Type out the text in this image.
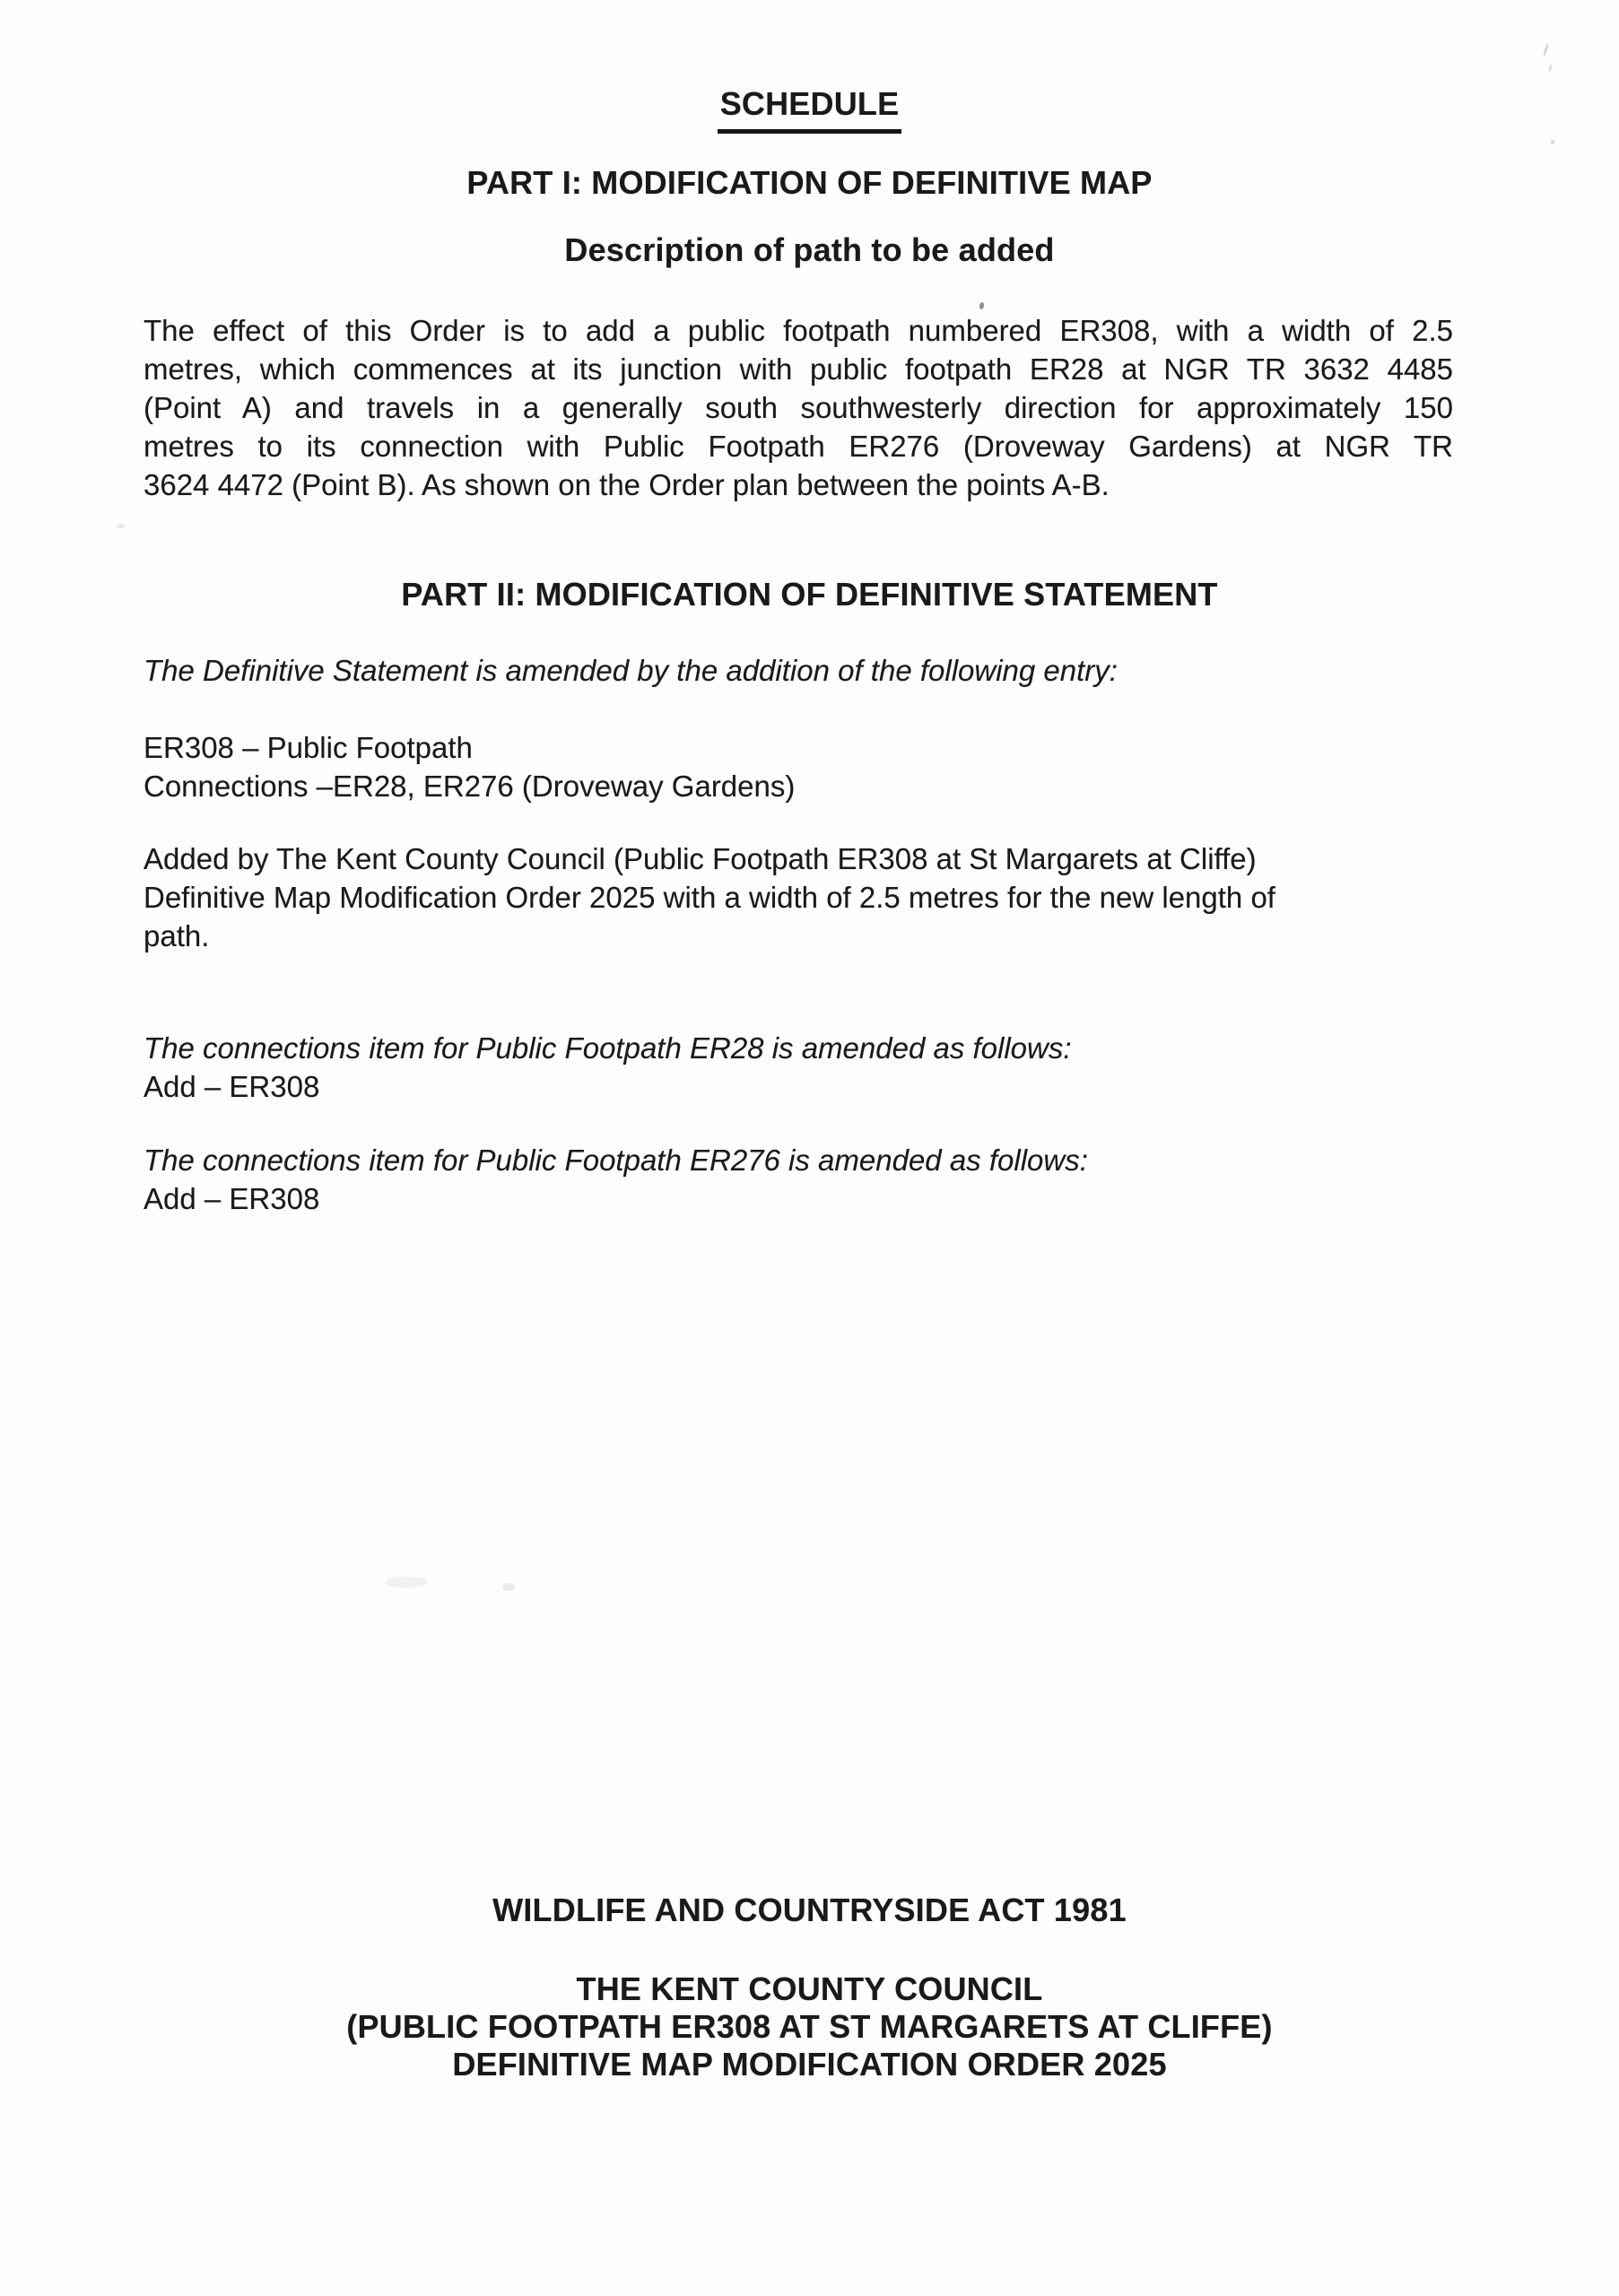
SCHEDULE
PART I: MODIFICATION OF DEFINITIVE MAP
Description of path to be added
The effect of this Order is to add a public footpath numbered ER308, with a width of 2.5
metres, which commences at its junction with public footpath ER28 at NGR TR 3632 4485
(Point A) and travels in a generally south southwesterly direction for approximately 150
metres to its connection with Public Footpath ER276 (Droveway Gardens) at NGR TR
3624 4472 (Point B). As shown on the Order plan between the points A-B.
PART II: MODIFICATION OF DEFINITIVE STATEMENT
The Definitive Statement is amended by the addition of the following entry:
ER308 – Public Footpath
Connections –ER28, ER276 (Droveway Gardens)
Added by The Kent County Council (Public Footpath ER308 at St Margarets at Cliffe)
Definitive Map Modification Order 2025 with a width of 2.5 metres for the new length of
path.
The connections item for Public Footpath ER28 is amended as follows:
Add – ER308
The connections item for Public Footpath ER276 is amended as follows:
Add – ER308
WILDLIFE AND COUNTRYSIDE ACT 1981
THE KENT COUNTY COUNCIL
(PUBLIC FOOTPATH ER308 AT ST MARGARETS AT CLIFFE)
DEFINITIVE MAP MODIFICATION ORDER 2025
